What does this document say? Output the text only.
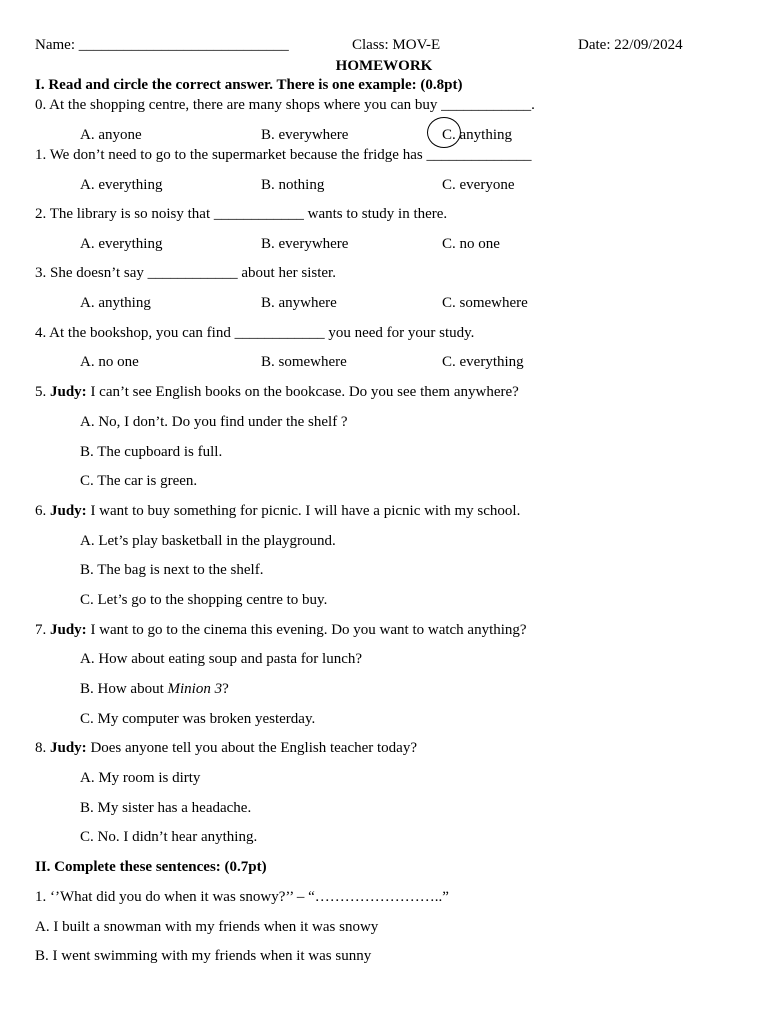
Name: ____________________________	Class: MOV-E	Date: 22/09/2024
HOMEWORK
I. Read and circle the correct answer. There is one example: (0.8pt)
0. At the shopping centre, there are many shops where you can buy ____________.
A. anyone	B. everywhere	C. anything
1. We don’t need to go to the supermarket because the fridge has ______________
A. everything	B. nothing	C. everyone
2. The library is so noisy that ____________ wants to study in there.
A. everything	B. everywhere	C. no one
3. She doesn’t say ____________ about her sister.
A. anything	B. anywhere	C. somewhere
4. At the bookshop, you can find ____________ you need for your study.
A. no one	B. somewhere	C. everything
5. Judy: I can’t see English books on the bookcase. Do you see them anywhere?
A. No, I don’t. Do you find under the shelf ?
B. The cupboard is full.
C. The car is green.
6. Judy: I want to buy something for picnic. I will have a picnic with my school.
A. Let’s play basketball in the playground.
B. The bag is next to the shelf.
C. Let’s go to the shopping centre to buy.
7. Judy: I want to go to the cinema this evening. Do you want to watch anything?
A. How about eating soup and pasta for lunch?
B. How about Minion 3?
C. My computer was broken yesterday.
8. Judy: Does anyone tell you about the English teacher today?
A. My room is dirty
B. My sister has a headache.
C. No. I didn’t hear anything.
II. Complete these sentences: (0.7pt)
1. ‘’What did you do when it was snowy?’’ – “……………………..”
A. I built a snowman with my friends when it was snowy
B. I went swimming with my friends when it was sunny
